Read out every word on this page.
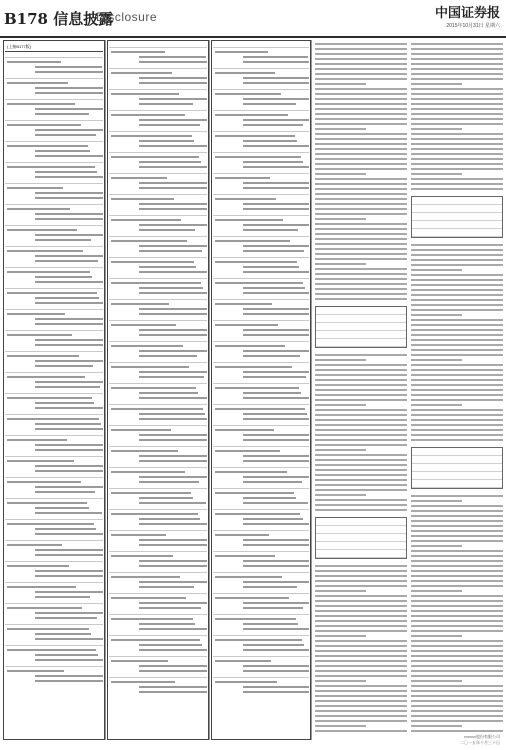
B178 信息披露
Disclosure	中国证券报
2015年10月31日 星期六
(上接B177版)
xxxxxx股份有限公司
二〇一五年十月三十日
